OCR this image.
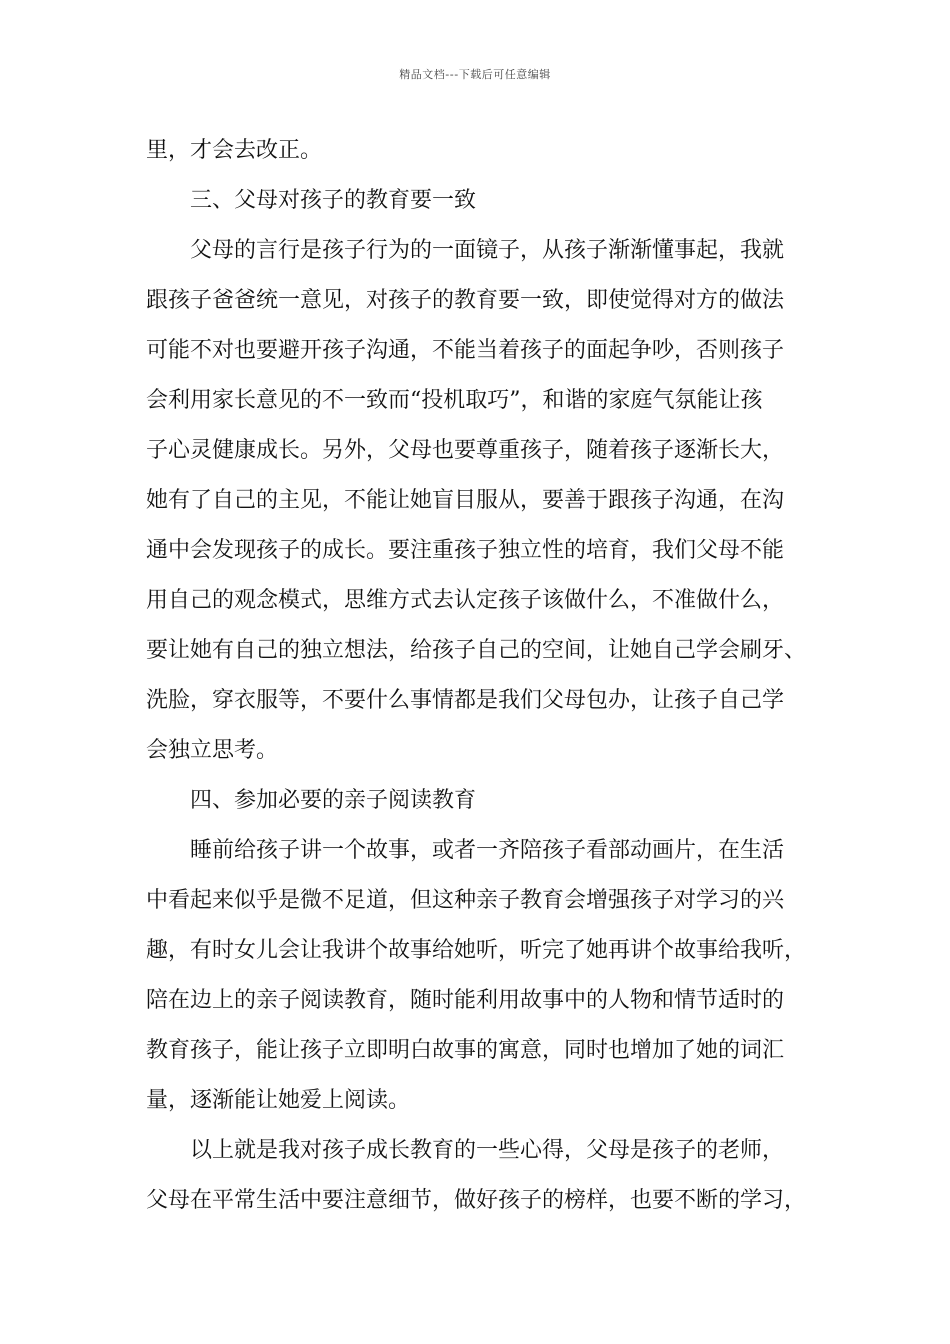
精品文档---下载后可任意编辑
里，才会去改正。
三、父母对孩子的教育要一致
父母的言行是孩子行为的一面镜子，从孩子渐渐懂事起，我就
跟孩子爸爸统一意见，对孩子的教育要一致，即使觉得对方的做法
可能不对也要避开孩子沟通，不能当着孩子的面起争吵，否则孩子
会利用家长意见的不一致而“投机取巧”，和谐的家庭气氛能让孩
子心灵健康成长。另外，父母也要尊重孩子，随着孩子逐渐长大，
她有了自己的主见，不能让她盲目服从，要善于跟孩子沟通，在沟
通中会发现孩子的成长。要注重孩子独立性的培育，我们父母不能
用自己的观念模式，思维方式去认定孩子该做什么，不准做什么，
要让她有自己的独立想法，给孩子自己的空间，让她自己学会刷牙、
洗脸，穿衣服等，不要什么事情都是我们父母包办，让孩子自己学
会独立思考。
四、参加必要的亲子阅读教育
睡前给孩子讲一个故事，或者一齐陪孩子看部动画片，在生活
中看起来似乎是微不足道，但这种亲子教育会增强孩子对学习的兴
趣，有时女儿会让我讲个故事给她听，听完了她再讲个故事给我听，
陪在边上的亲子阅读教育，随时能利用故事中的人物和情节适时的
教育孩子，能让孩子立即明白故事的寓意，同时也增加了她的词汇
量，逐渐能让她爱上阅读。
以上就是我对孩子成长教育的一些心得，父母是孩子的老师，
父母在平常生活中要注意细节，做好孩子的榜样，也要不断的学习，
